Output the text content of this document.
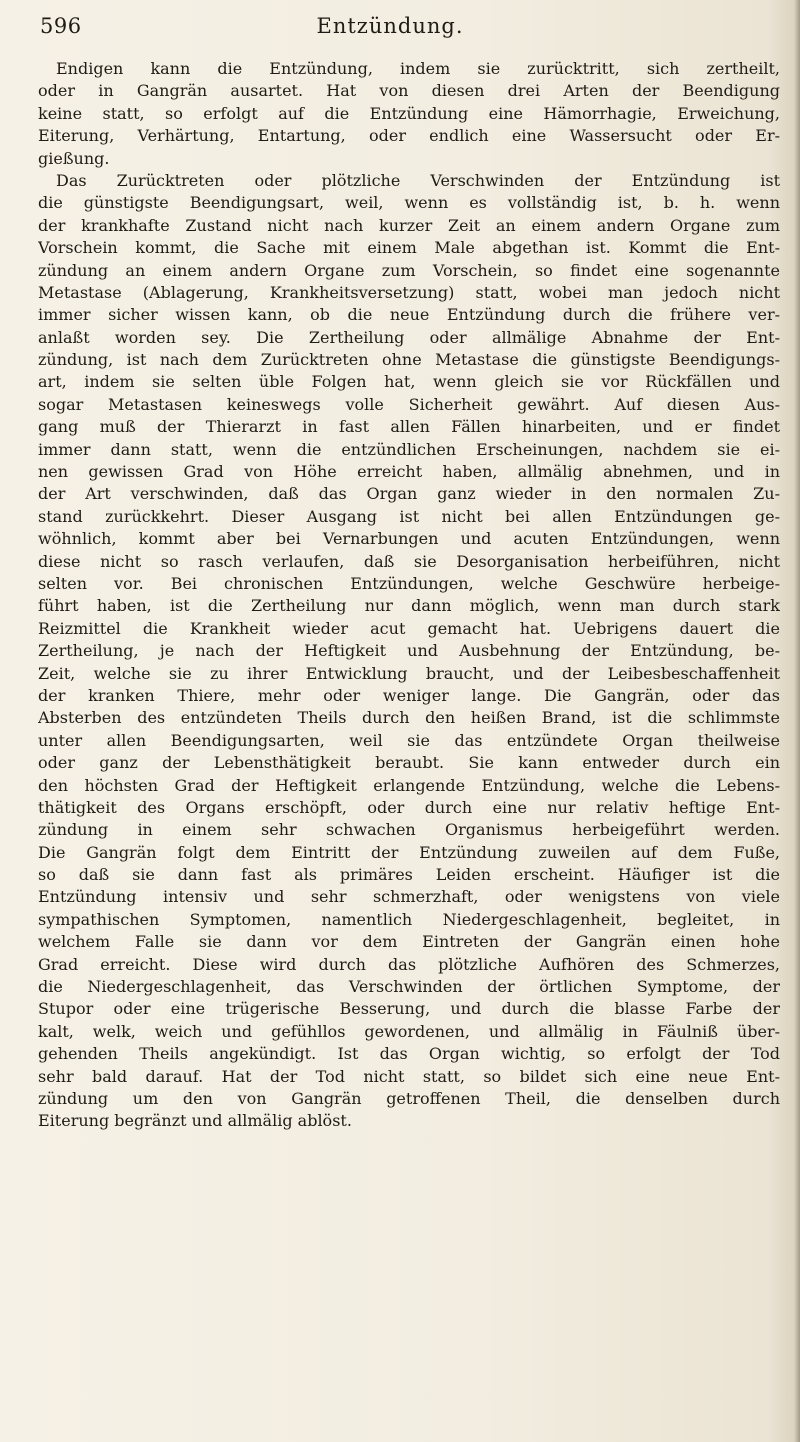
596	Entzündung.
Endigen kann die Entzündung, indem sie zurücktritt, sich zertheilt,
oder in Gangrän ausartet. Hat von diesen drei Arten der Beendigung
keine statt, so erfolgt auf die Entzündung eine Hämorrhagie, Erweichung,
Eiterung, Verhärtung, Entartung, oder endlich eine Wassersucht oder Er-
gießung.
Das Zurücktreten oder plötzliche Verschwinden der Entzündung ist
die günstigste Beendigungsart, weil, wenn es vollständig ist, b. h. wenn
der krankhafte Zustand nicht nach kurzer Zeit an einem andern Organe zum
Vorschein kommt, die Sache mit einem Male abgethan ist. Kommt die Ent-
zündung an einem andern Organe zum Vorschein, so findet eine sogenannte
Metastase (Ablagerung, Krankheitsversetzung) statt, wobei man jedoch nicht
immer sicher wissen kann, ob die neue Entzündung durch die frühere ver-
anlaßt worden sey. Die Zertheilung oder allmälige Abnahme der Ent-
zündung, ist nach dem Zurücktreten ohne Metastase die günstigste Beendigungs-
art, indem sie selten üble Folgen hat, wenn gleich sie vor Rückfällen und
sogar Metastasen keineswegs volle Sicherheit gewährt. Auf diesen Aus-
gang muß der Thierarzt in fast allen Fällen hinarbeiten, und er findet
immer dann statt, wenn die entzündlichen Erscheinungen, nachdem sie ei-
nen gewissen Grad von Höhe erreicht haben, allmälig abnehmen, und in
der Art verschwinden, daß das Organ ganz wieder in den normalen Zu-
stand zurückkehrt. Dieser Ausgang ist nicht bei allen Entzündungen ge-
wöhnlich, kommt aber bei Vernarbungen und acuten Entzündungen, wenn
diese nicht so rasch verlaufen, daß sie Desorganisation herbeiführen, nicht
selten vor. Bei chronischen Entzündungen, welche Geschwüre herbeige-
führt haben, ist die Zertheilung nur dann möglich, wenn man durch stark
Reizmittel die Krankheit wieder acut gemacht hat. Uebrigens dauert die
Zertheilung, je nach der Heftigkeit und Ausbehnung der Entzündung, be-
Zeit, welche sie zu ihrer Entwicklung braucht, und der Leibesbeschaffenheit
der kranken Thiere, mehr oder weniger lange. Die Gangrän, oder das
Absterben des entzündeten Theils durch den heißen Brand, ist die schlimmste
unter allen Beendigungsarten, weil sie das entzündete Organ theilweise
oder ganz der Lebensthätigkeit beraubt. Sie kann entweder durch ein
den höchsten Grad der Heftigkeit erlangende Entzündung, welche die Lebens-
thätigkeit des Organs erschöpft, oder durch eine nur relativ heftige Ent-
zündung in einem sehr schwachen Organismus herbeigeführt werden.
Die Gangrän folgt dem Eintritt der Entzündung zuweilen auf dem Fuße,
so daß sie dann fast als primäres Leiden erscheint. Häufiger ist die
Entzündung intensiv und sehr schmerzhaft, oder wenigstens von viele
sympathischen Symptomen, namentlich Niedergeschlagenheit, begleitet, in
welchem Falle sie dann vor dem Eintreten der Gangrän einen hohe
Grad erreicht. Diese wird durch das plötzliche Aufhören des Schmerzes,
die Niedergeschlagenheit, das Verschwinden der örtlichen Symptome, der
Stupor oder eine trügerische Besserung, und durch die blasse Farbe der
kalt, welk, weich und gefühllos gewordenen, und allmälig in Fäulniß über-
gehenden Theils angekündigt. Ist das Organ wichtig, so erfolgt der Tod
sehr bald darauf. Hat der Tod nicht statt, so bildet sich eine neue Ent-
zündung um den von Gangrän getroffenen Theil, die denselben durch
Eiterung begränzt und allmälig ablöst.
